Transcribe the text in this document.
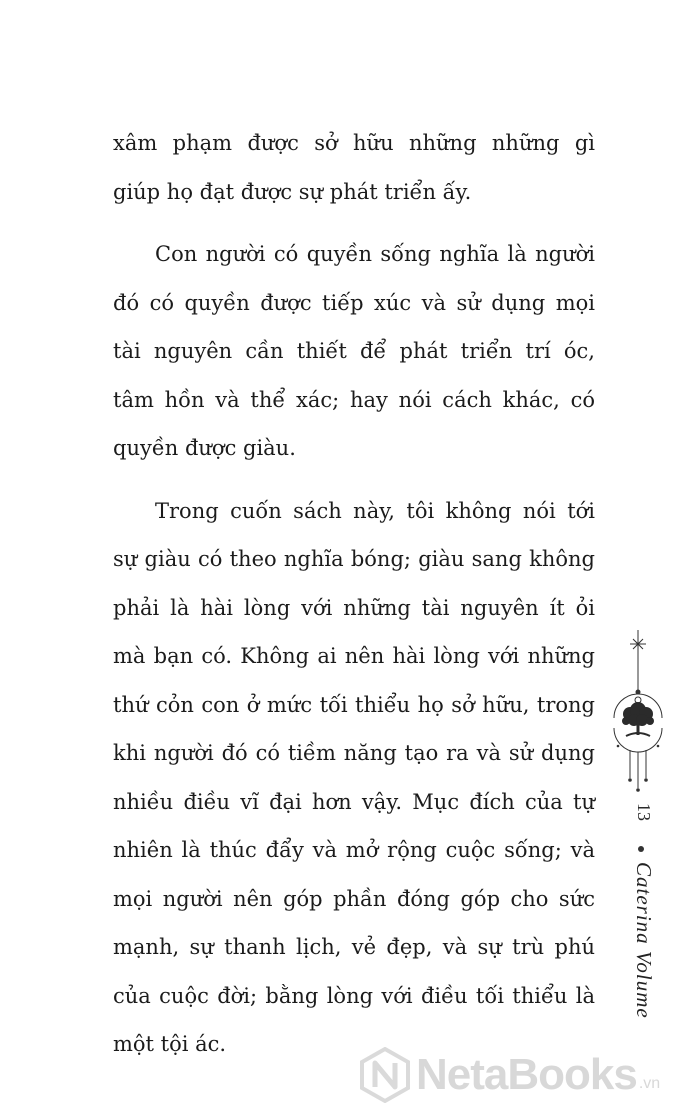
xâm phạm được sở hữu những những gì
giúp họ đạt được sự phát triển ấy.

Con người có quyền sống nghĩa là người
đó có quyền được tiếp xúc và sử dụng mọi
tài nguyên cần thiết để phát triển trí óc,
tâm hồn và thể xác; hay nói cách khác, có
quyền được giàu.

Trong cuốn sách này, tôi không nói tới
sự giàu có theo nghĩa bóng; giàu sang không
phải là hài lòng với những tài nguyên ít ỏi
mà bạn có. Không ai nên hài lòng với những
thứ cỏn con ở mức tối thiểu họ sở hữu, trong
khi người đó có tiềm năng tạo ra và sử dụng
nhiều điều vĩ đại hơn vậy. Mục đích của tự
nhiên là thúc đẩy và mở rộng cuộc sống; và
mọi người nên góp phần đóng góp cho sức
mạnh, sự thanh lịch, vẻ đẹp, và sự trù phú
của cuộc đời; bằng lòng với điều tối thiểu là
một tội ác.

13
Caterina Volume
NetaBooks .vn
